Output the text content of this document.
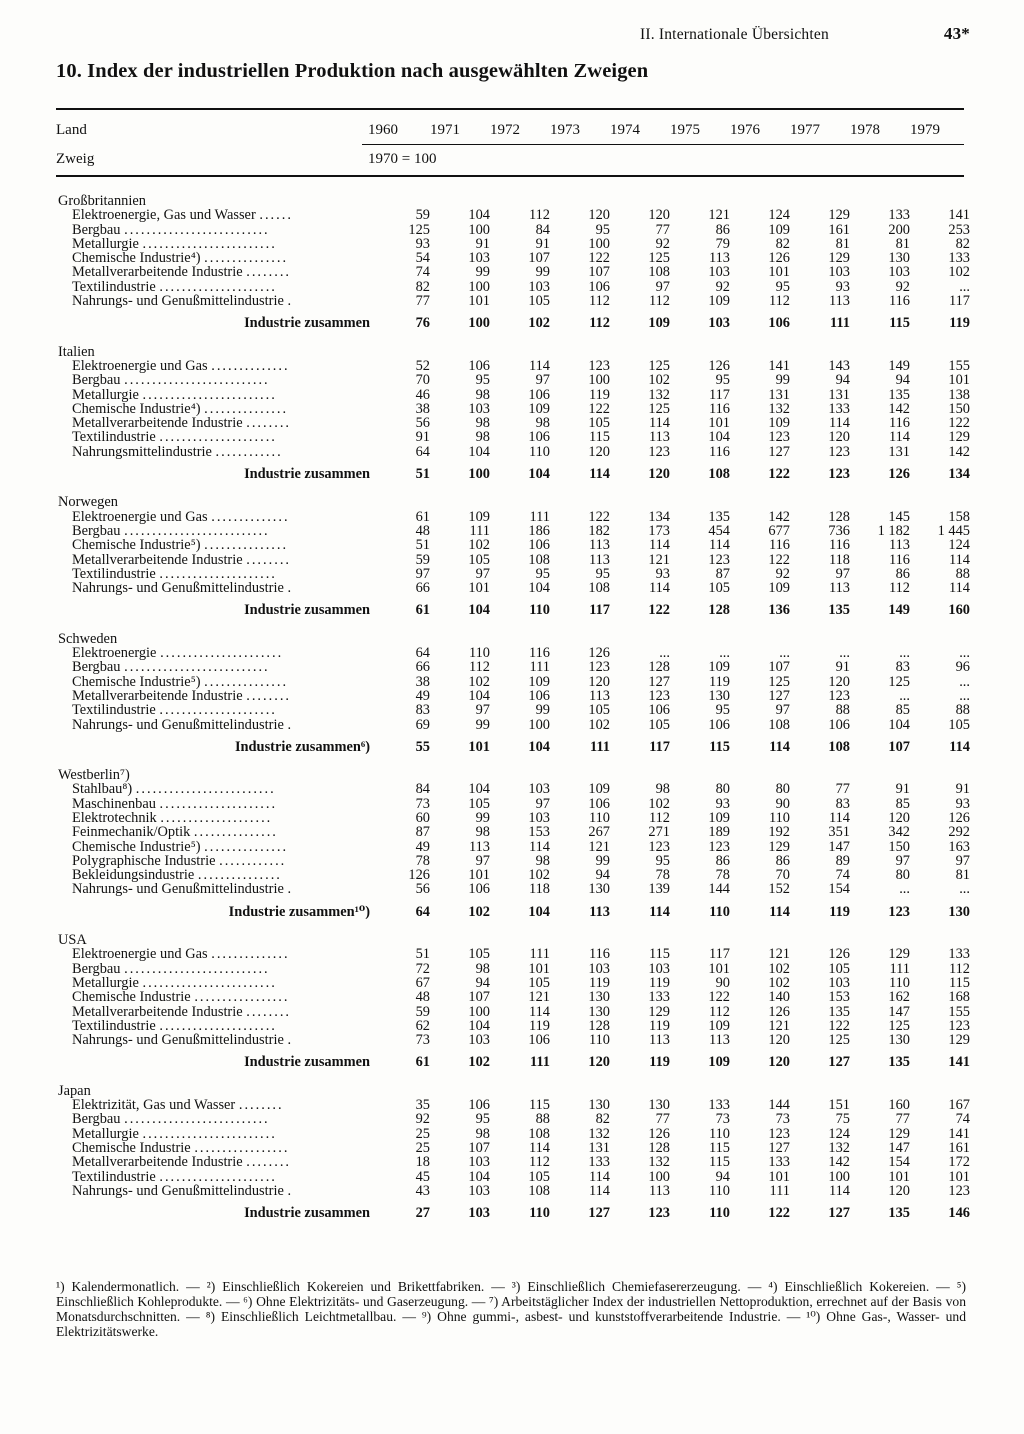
II. Internationale Übersichten	43*
10. Index der industriellen Produktion nach ausgewählten Zweigen
Land	1960	1971	1972	1973	1974	1975	1976	1977	1978	1979
Zweig	1970 = 100
Großbritannien										
Elektroenergie, Gas und Wasser ......	59	104	112	120	120	121	124	129	133	141
Bergbau ..........................	125	100	84	95	77	86	109	161	200	253
Metallurgie ........................	93	91	91	100	92	79	82	81	81	82
Chemische Industrie⁴) ...............	54	103	107	122	125	113	126	129	130	133
Metallverarbeitende Industrie ........	74	99	99	107	108	103	101	103	103	102
Textilindustrie .....................	82	100	103	106	97	92	95	93	92	...
Nahrungs- und Genußmittelindustrie .	77	101	105	112	112	109	112	113	116	117

Industrie zusammen	76	100	102	112	109	103	106	111	115	119

Italien										
Elektroenergie und Gas ..............	52	106	114	123	125	126	141	143	149	155
Bergbau ..........................	70	95	97	100	102	95	99	94	94	101
Metallurgie ........................	46	98	106	119	132	117	131	131	135	138
Chemische Industrie⁴) ...............	38	103	109	122	125	116	132	133	142	150
Metallverarbeitende Industrie ........	56	98	98	105	114	101	109	114	116	122
Textilindustrie .....................	91	98	106	115	113	104	123	120	114	129
Nahrungsmittelindustrie ............	64	104	110	120	123	116	127	123	131	142

Industrie zusammen	51	100	104	114	120	108	122	123	126	134

Norwegen										
Elektroenergie und Gas ..............	61	109	111	122	134	135	142	128	145	158
Bergbau ..........................	48	111	186	182	173	454	677	736	1 182	1 445
Chemische Industrie⁵) ...............	51	102	106	113	114	114	116	116	113	124
Metallverarbeitende Industrie ........	59	105	108	113	121	123	122	118	116	114
Textilindustrie .....................	97	97	95	95	93	87	92	97	86	88
Nahrungs- und Genußmittelindustrie .	66	101	104	108	114	105	109	113	112	114

Industrie zusammen	61	104	110	117	122	128	136	135	149	160

Schweden										
Elektroenergie ......................	64	110	116	126	...	...	...	...	...	...
Bergbau ..........................	66	112	111	123	128	109	107	91	83	96
Chemische Industrie⁵) ...............	38	102	109	120	127	119	125	120	125	...
Metallverarbeitende Industrie ........	49	104	106	113	123	130	127	123	...	...
Textilindustrie .....................	83	97	99	105	106	95	97	88	85	88
Nahrungs- und Genußmittelindustrie .	69	99	100	102	105	106	108	106	104	105

Industrie zusammen⁶)	55	101	104	111	117	115	114	108	107	114

Westberlin⁷)										
Stahlbau⁸) .........................	84	104	103	109	98	80	80	77	91	91
Maschinenbau .....................	73	105	97	106	102	93	90	83	85	93
Elektrotechnik ....................	60	99	103	110	112	109	110	114	120	126
Feinmechanik/Optik ...............	87	98	153	267	271	189	192	351	342	292
Chemische Industrie⁵) ...............	49	113	114	121	123	123	129	147	150	163
Polygraphische Industrie ............	78	97	98	99	95	86	86	89	97	97
Bekleidungsindustrie ...............	126	101	102	94	78	78	70	74	80	81
Nahrungs- und Genußmittelindustrie .	56	106	118	130	139	144	152	154	...	...

Industrie zusammen¹⁰)	64	102	104	113	114	110	114	119	123	130

USA										
Elektroenergie und Gas ..............	51	105	111	116	115	117	121	126	129	133
Bergbau ..........................	72	98	101	103	103	101	102	105	111	112
Metallurgie ........................	67	94	105	119	119	90	102	103	110	115
Chemische Industrie .................	48	107	121	130	133	122	140	153	162	168
Metallverarbeitende Industrie ........	59	100	114	130	129	112	126	135	147	155
Textilindustrie .....................	62	104	119	128	119	109	121	122	125	123
Nahrungs- und Genußmittelindustrie .	73	103	106	110	113	113	120	125	130	129

Industrie zusammen	61	102	111	120	119	109	120	127	135	141

Japan										
Elektrizität, Gas und Wasser ........	35	106	115	130	130	133	144	151	160	167
Bergbau ..........................	92	95	88	82	77	73	73	75	77	74
Metallurgie ........................	25	98	108	132	126	110	123	124	129	141
Chemische Industrie .................	25	107	114	131	128	115	127	132	147	161
Metallverarbeitende Industrie ........	18	103	112	133	132	115	133	142	154	172
Textilindustrie .....................	45	104	105	114	100	94	101	100	101	101
Nahrungs- und Genußmittelindustrie .	43	103	108	114	113	110	111	114	120	123

Industrie zusammen	27	103	110	127	123	110	122	127	135	146

¹) Kalendermonatlich. — ²) Einschließlich Kokereien und Brikettfabriken. — ³) Einschließlich Chemiefasererzeugung. — ⁴) Einschließlich Kokereien. — ⁵) Einschließlich Kohleprodukte. — ⁶) Ohne Elektrizitäts- und Gaserzeugung. — ⁷) Arbeitstäglicher Index der industriellen Nettoproduktion, errechnet auf der Basis von Monatsdurchschnitten. — ⁸) Einschließlich Leichtmetallbau. — ⁹) Ohne gummi-, asbest- und kunststoffverarbeitende Industrie. — ¹⁰) Ohne Gas-, Wasser- und Elektrizitätswerke.
